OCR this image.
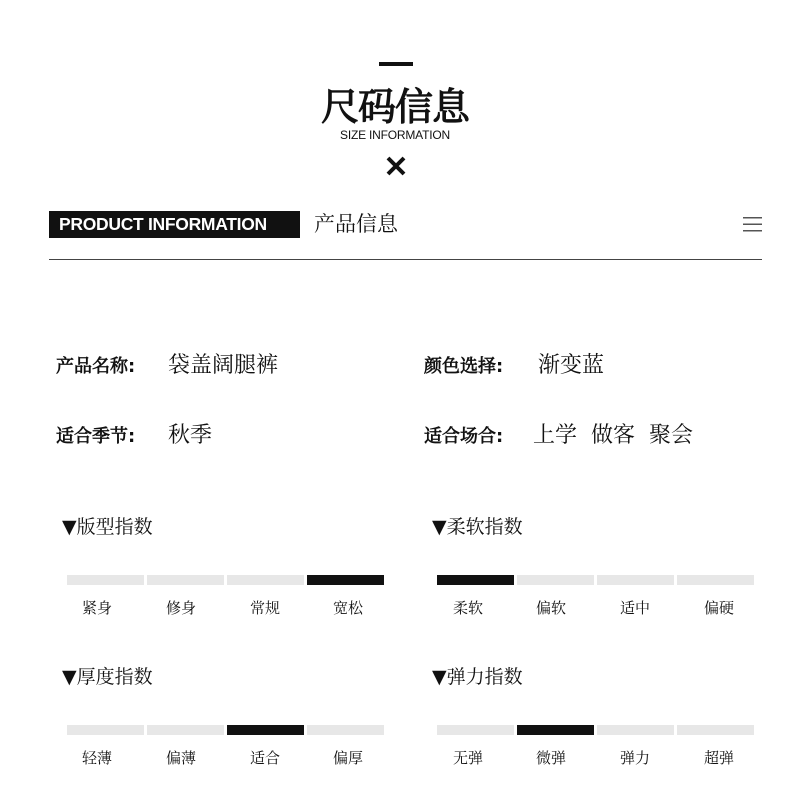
尺码信息
SIZE INFORMATION
PRODUCT INFORMATION	产品信息
产品名称: 袋盖阔腿裤	颜色选择: 渐变蓝
适合季节: 秋季	适合场合: 上学  做客  聚会
▼版型指数
紧身	修身	常规	宽松
▼柔软指数
柔软	偏软	适中	偏硬
▼厚度指数
轻薄	偏薄	适合	偏厚
▼弹力指数
无弹	微弹	弹力	超弹
